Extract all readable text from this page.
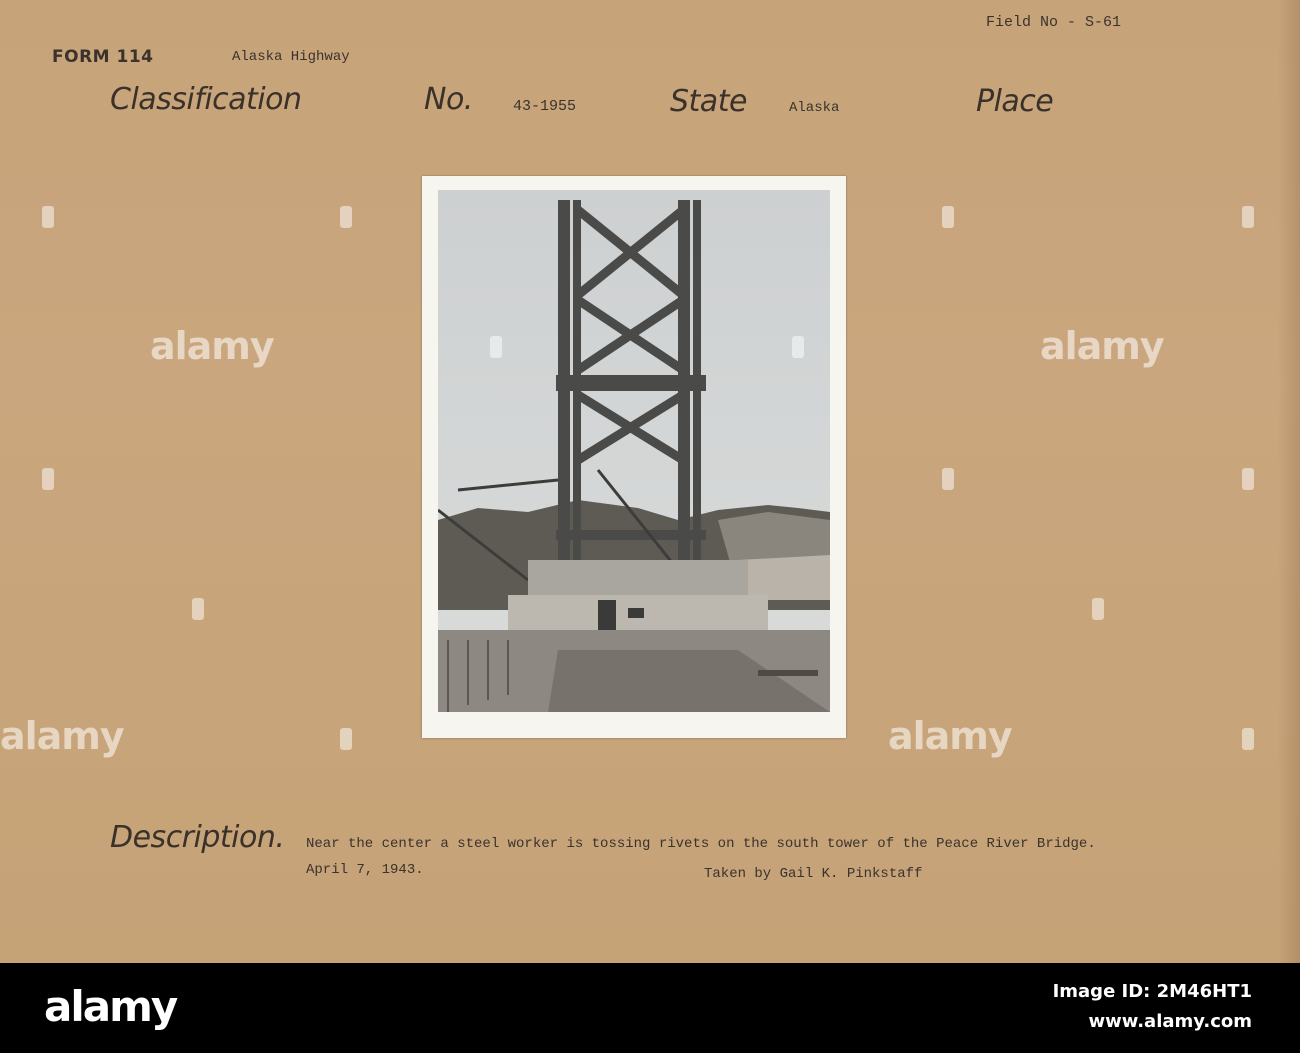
Field No - S-61
FORM 114	Alaska Highway
Classification	No.	43-1955	State	Alaska	Place
alamy	alamy
alamy	alamy
Description. Near the center a steel worker is tossing rivets on the south tower of the Peace River Bridge.
April 7, 1943.	Taken by Gail K. Pinkstaff
alamy	Image ID: 2M46HT1
www.alamy.com
